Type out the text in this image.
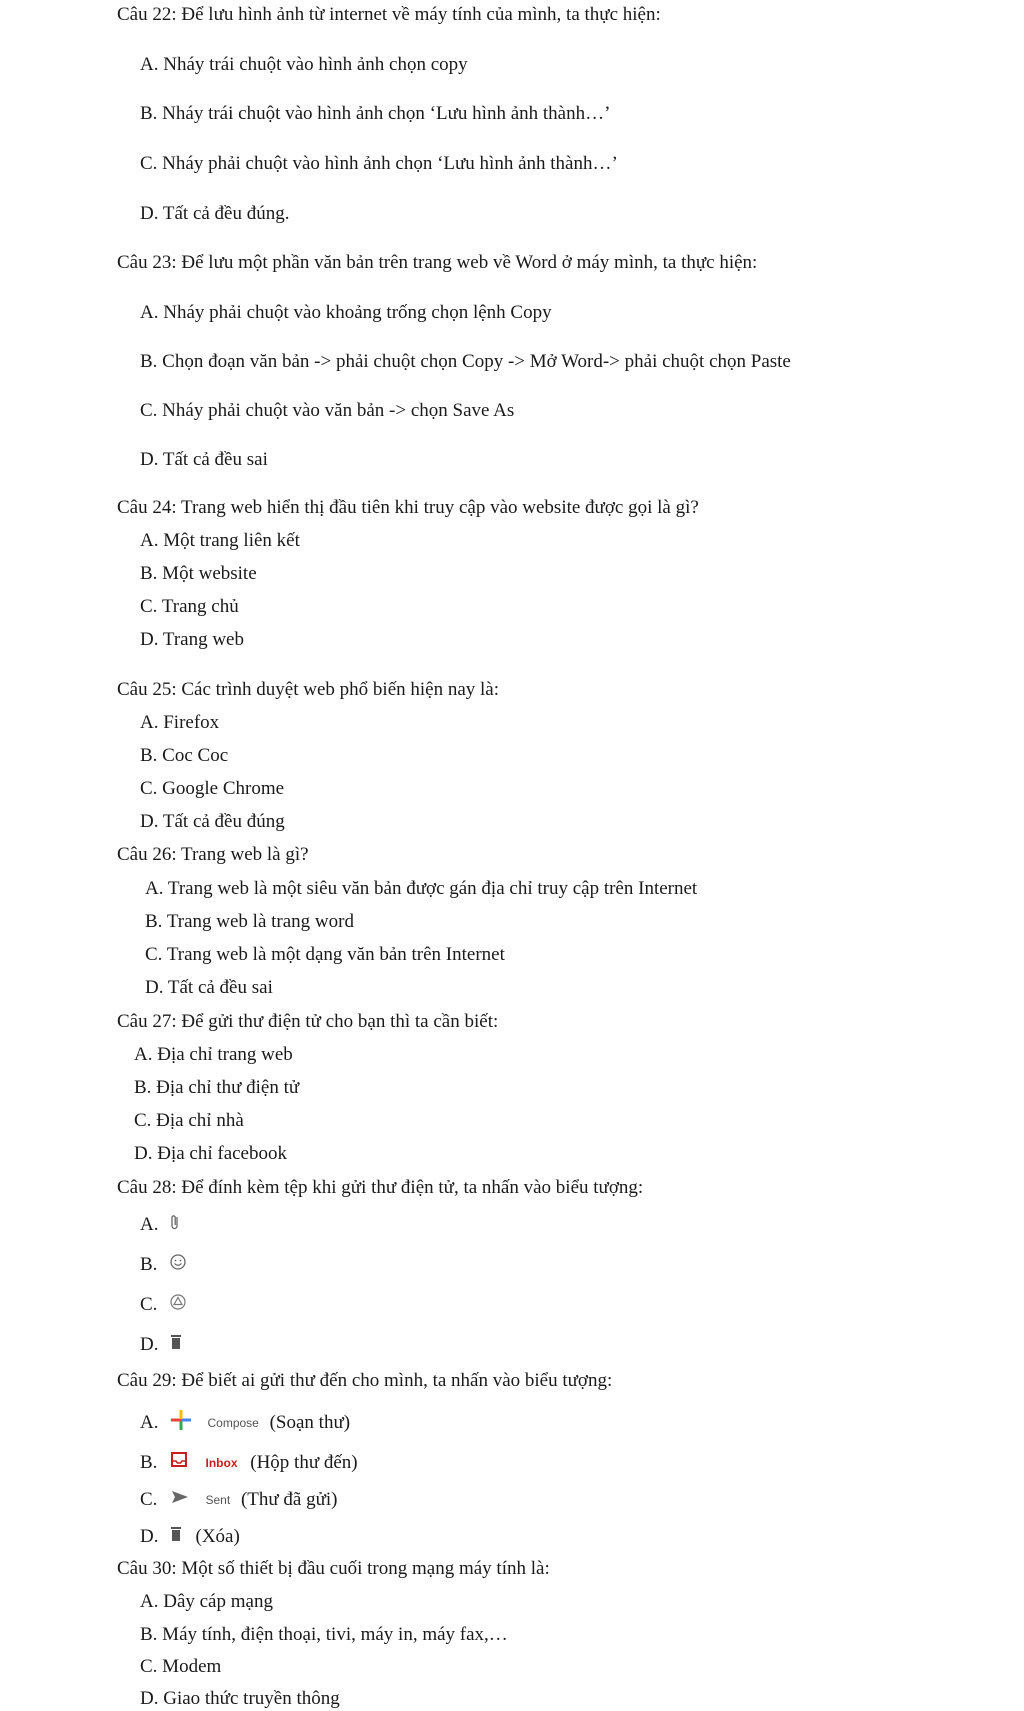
Câu 22: Để lưu hình ảnh từ internet về máy tính của mình, ta thực hiện:
A. Nháy trái chuột vào hình ảnh chọn copy
B. Nháy trái chuột vào hình ảnh chọn ‘Lưu hình ảnh thành…’
C. Nháy phải chuột vào hình ảnh chọn ‘Lưu hình ảnh thành…’
D. Tất cả đều đúng.
Câu 23: Để lưu một phần văn bản trên trang web về Word ở máy mình, ta thực hiện:
A. Nháy phải chuột vào khoảng trống chọn lệnh Copy
B. Chọn đoạn văn bản -> phải chuột chọn Copy -> Mở Word-> phải chuột chọn Paste
C. Nháy phải chuột vào văn bản -> chọn Save As
D. Tất cả đều sai
Câu 24: Trang web hiển thị đầu tiên khi truy cập vào website được gọi là gì?
A. Một trang liên kết
B. Một website
C. Trang chủ
D. Trang web
Câu 25: Các trình duyệt web phổ biến hiện nay là:
A. Firefox
B. Coc Coc
C. Google Chrome
D. Tất cả đều đúng
Câu 26: Trang web là gì?
A. Trang web là một siêu văn bản được gán địa chỉ truy cập trên Internet
B. Trang web là trang word
C. Trang web là một dạng văn bản trên Internet
D. Tất cả đều sai
Câu 27: Để gửi thư điện tử cho bạn thì ta cần biết:
A. Địa chỉ trang web
B. Địa chỉ thư điện tử
C. Địa chỉ nhà
D. Địa chỉ facebook
Câu 28: Để đính kèm tệp khi gửi thư điện tử, ta nhấn vào biểu tượng:
A.
B.
C.
D.
Câu 29: Để biết ai gửi thư đến cho mình, ta nhấn vào biểu tượng:
A.	Compose (Soạn thư)
B.	Inbox (Hộp thư đến)
C.	Sent (Thư đã gửi)
D. (Xóa)
Câu 30: Một số thiết bị đầu cuối trong mạng máy tính là:
A. Dây cáp mạng
B. Máy tính, điện thoại, tivi, máy in, máy fax,…
C. Modem
D. Giao thức truyền thông
